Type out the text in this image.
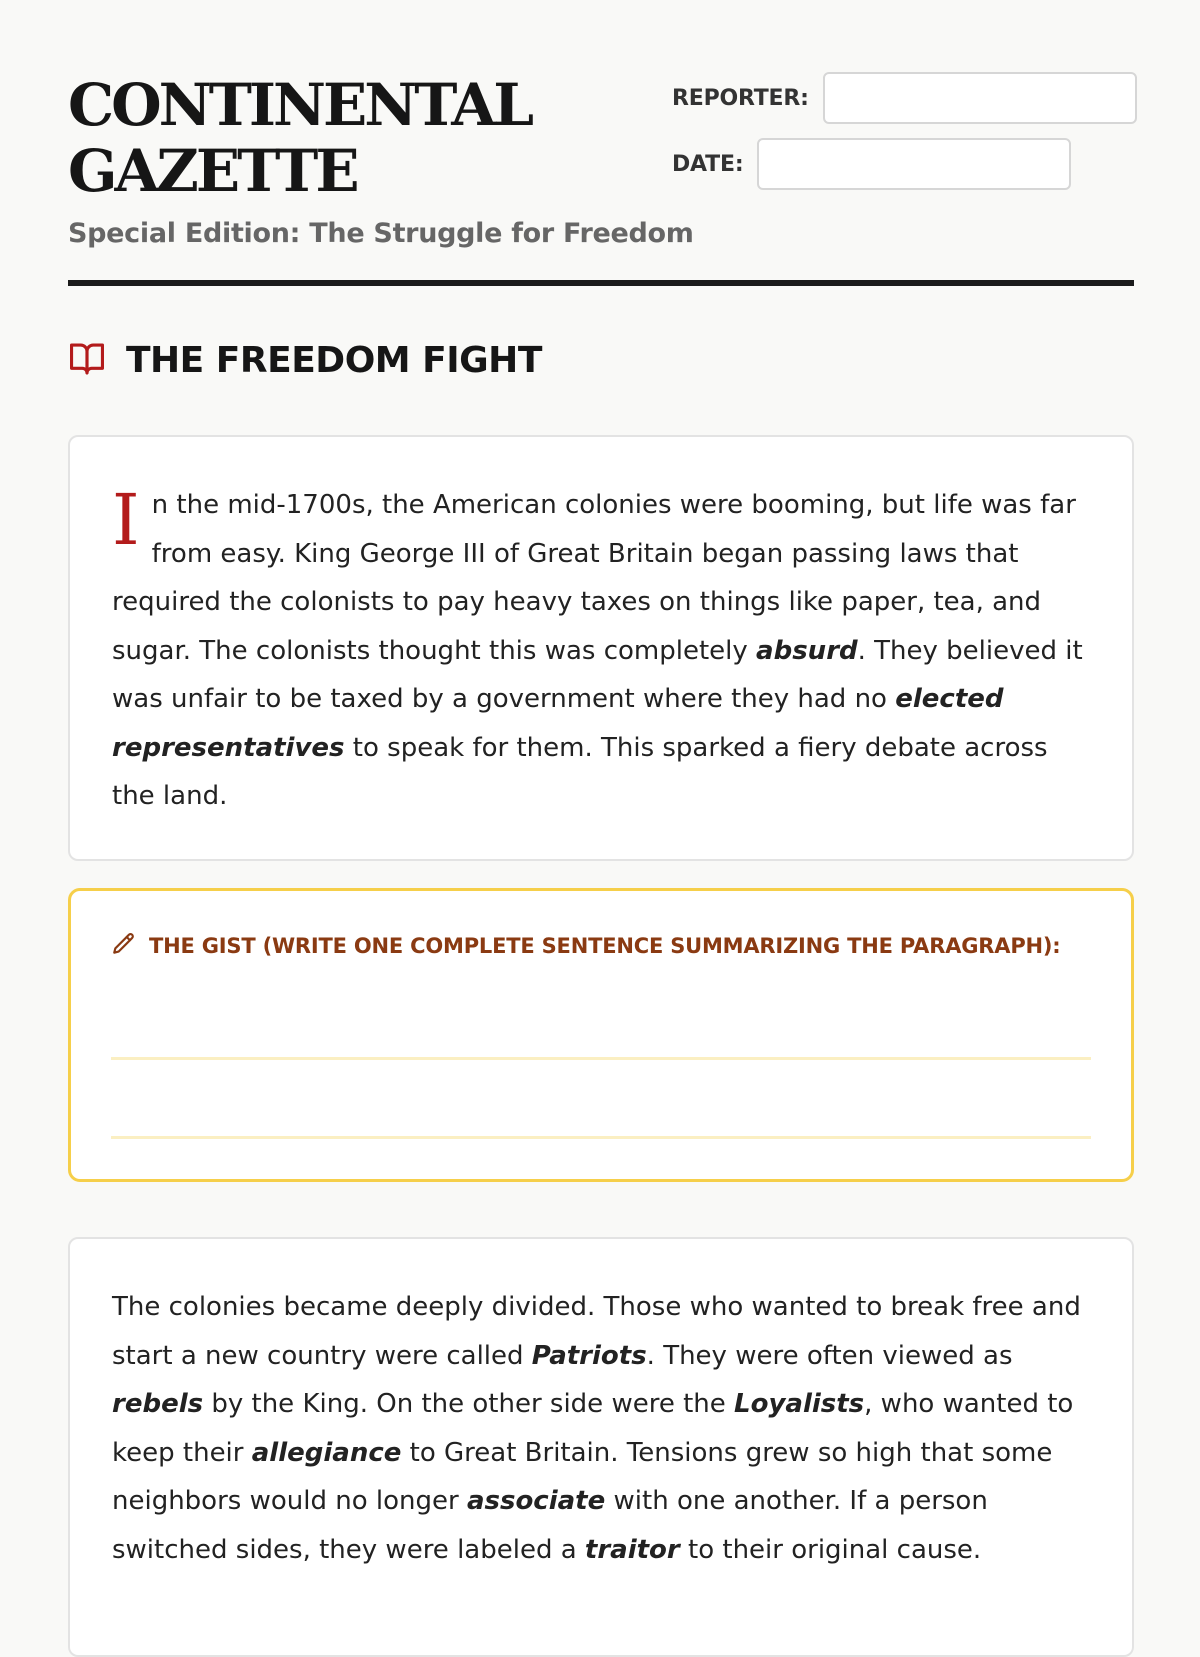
CONTINENTAL GAZETTE
Special Edition: The Struggle for Freedom
REPORTER:
DATE:
THE FREEDOM FIGHT

In the mid-1700s, the American colonies were booming, but life was far from easy. King George III of Great Britain began passing laws that required the colonists to pay heavy taxes on things like paper, tea, and sugar. The colonists thought this was completely absurd. They believed it was unfair to be taxed by a government where they had no elected representatives to speak for them. This sparked a fiery debate across the land.

THE GIST (WRITE ONE COMPLETE SENTENCE SUMMARIZING THE PARAGRAPH):

The colonies became deeply divided. Those who wanted to break free and start a new country were called Patriots. They were often viewed as rebels by the King. On the other side were the Loyalists, who wanted to keep their allegiance to Great Britain. Tensions grew so high that some neighbors would no longer associate with one another. If a person switched sides, they were labeled a traitor to their original cause.
